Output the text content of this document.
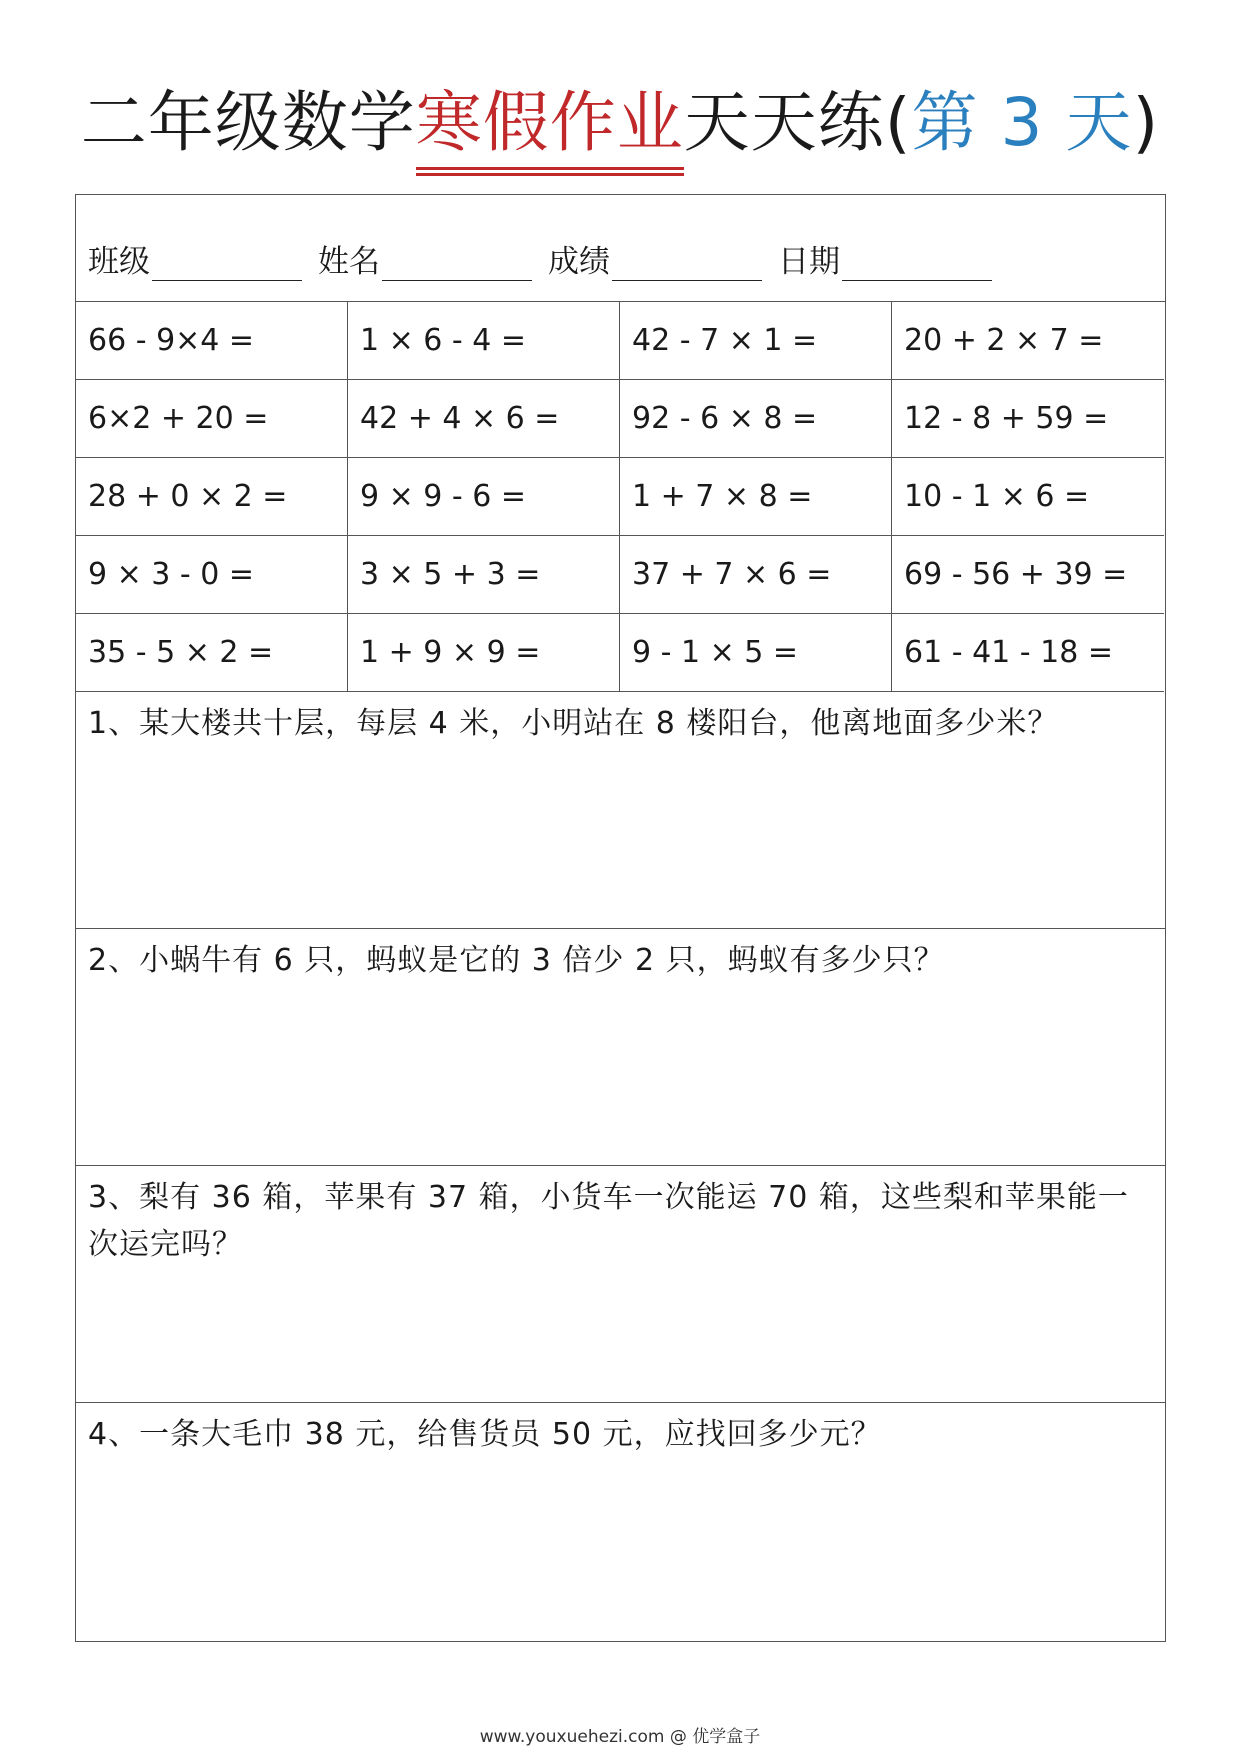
二年级数学寒假作业天天练(第 3 天)
班级	姓名	成绩	日期
66 - 9×4 =	1 × 6 - 4 =	42 - 7 × 1 =	20 + 2 × 7 =
6×2 + 20 =	42 + 4 × 6 =	92 - 6 × 8 =	12 - 8 + 59 =
28 + 0 × 2 =	9 × 9 - 6 =	1 + 7 × 8 =	10 - 1 × 6 =
9 × 3 - 0 =	3 × 5 + 3 =	37 + 7 × 6 =	69 - 56 + 39 =
35 - 5 × 2 =	1 + 9 × 9 =	9 - 1 × 5 =	61 - 41 - 18 =
1、某大楼共十层，每层 4 米，小明站在 8 楼阳台，他离地面多少米？
2、小蜗牛有 6 只，蚂蚁是它的 3 倍少 2 只，蚂蚁有多少只？
3、梨有 36 箱，苹果有 37 箱，小货车一次能运 70 箱，这些梨和苹果能一次运完吗？
4、一条大毛巾 38 元，给售货员 50 元，应找回多少元？
www.youxuehezi.com @ 优学盒子
